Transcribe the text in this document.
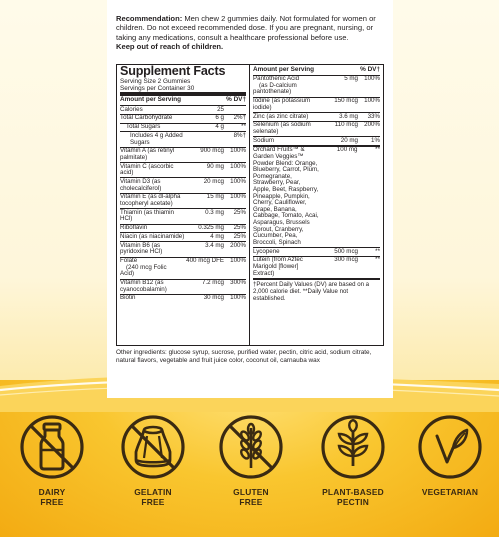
Recommendation: Men chew 2 gummies daily. Not formulated for women or children. Do not exceed recommended dose. If you are pregnant, nursing, or taking any medications, consult a healthcare professional before use.
Keep out of reach of children.
Supplement Facts
Serving Size 2 Gummies
Servings per Container 30
Amount per Serving	% DV†
Calories	25
Total Carbohydrate	6 g	2%†
Total Sugars	4 g	**
Includes 4 g Added Sugars
8%†
Vitamin A (as retinyl palmitate)
900 mcg 100%
Vitamin C (ascorbic acid)
90 mg 100%
Vitamin D3 (as cholecalciferol)
20 mcg 100%
Vitamin E (as dl-alpha tocopheryl acetate)
15 mg 100%
Thiamin (as thiamin HCl)
0.3 mg	25%
Riboflavin	0.325 mg	25%
Niacin (as niacinamide)	4 mg	25%
Vitamin B6 (as pyridoxine HCl)
3.4 mg 200%
Folate
(240 mcg Folic Acid)
400 mcg DFE 100%
Vitamin B12 (as cyanocobalamin)
7.2 mcg 300%
Biotin	30 mcg 100%
Amount per Serving	% DV†
Pantothenic Acid
(as D-calcium pantothenate)
5 mg 100%
Iodine (as potassium iodide)
150 mcg 100%
Zinc (as zinc citrate)	3.6 mg	33%
Selenium (as sodium selenate)
110 mcg 200%
Sodium	20 mg	1%
Orchard Fruits™ & Garden Veggies™ Powder Blend: Orange, Blueberry, Carrot, Plum, Pomegranate, Strawberry, Pear, Apple, Beet, Raspberry, Pineapple, Pumpkin, Cherry, Cauliflower, Grape, Banana, Cabbage, Tomato, Acai, Asparagus, Brussels Sprout, Cranberry, Cucumber, Pea, Broccoli, Spinach
100 mg	**
Lycopene	500 mcg	**
Lutein (from Aztec Marigold [flower] Extract)
300 mcg	**
†Percent Daily Values (DV) are based on a 2,000 calorie diet. **Daily Value not established.
Other ingredients: glucose syrup, sucrose, purified water, pectin, citric acid, sodium citrate, natural flavors, vegetable and fruit juice color, coconut oil, carnauba wax
DAIRY
FREE
GELATIN
FREE
GLUTEN
FREE
PLANT-BASED
PECTIN
VEGETARIAN
